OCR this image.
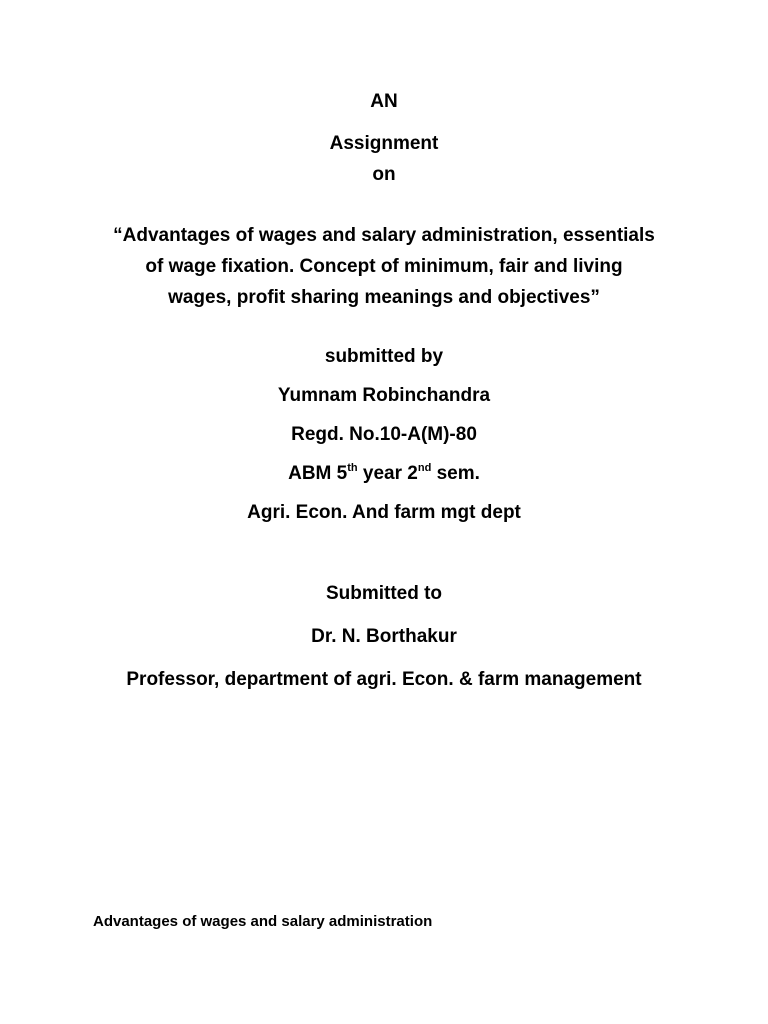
AN
Assignment
on
“Advantages of wages and salary administration, essentials
of wage fixation. Concept of minimum, fair and living
wages, profit sharing meanings and objectives”
submitted by
Yumnam Robinchandra
Regd. No.10-A(M)-80
ABM 5th year 2nd sem.
Agri. Econ. And farm mgt dept
Submitted to
Dr. N. Borthakur
Professor, department of agri. Econ. & farm management
Advantages of wages and salary administration
